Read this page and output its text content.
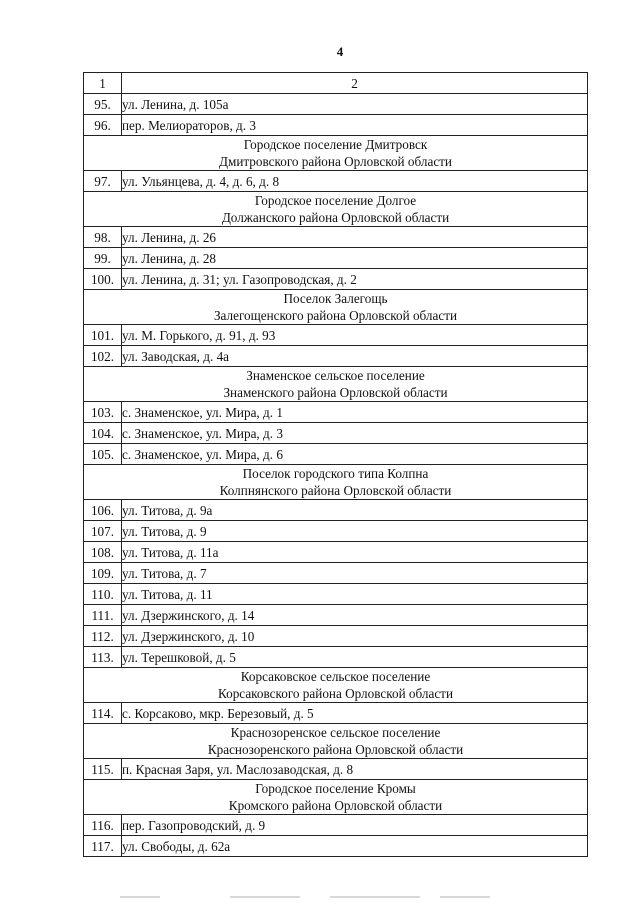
4
1	2
95.	ул. Ленина, д. 105а
96.	пер. Мелиораторов, д. 3

Городское поселение Дмитровск
Дмитровского района Орловской области	

97.	ул. Ульянцева, д. 4, д. 6, д. 8

Городское поселение Долгое
Должанского района Орловской области	

98.	ул. Ленина, д. 26
99.	ул. Ленина, д. 28
100.	ул. Ленина, д. 31; ул. Газопроводская, д. 2

Поселок Залегощь
Залегощенского района Орловской области	

101.	ул. М. Горького, д. 91, д. 93
102.	ул. Заводская, д. 4а

Знаменское сельское поселение
Знаменского района Орловской области	

103.	с. Знаменское, ул. Мира, д. 1
104.	с. Знаменское, ул. Мира, д. 3
105.	с. Знаменское, ул. Мира, д. 6

Поселок городского типа Колпна
Колпнянского района Орловской области	

106.	ул. Титова, д. 9а
107.	ул. Титова, д. 9
108.	ул. Титова, д. 11а
109.	ул. Титова, д. 7
110.	ул. Титова, д. 11
111.	ул. Дзержинского, д. 14
112.	ул. Дзержинского, д. 10
113.	ул. Терешковой, д. 5

Корсаковское сельское поселение
Корсаковского района Орловской области	

114.	с. Корсаково, мкр. Березовый, д. 5

Краснозоренское сельское поселение
Краснозоренского района Орловской области	

115.	п. Красная Заря, ул. Маслозаводская, д. 8

Городское поселение Кромы
Кромского района Орловской области	

116.	пер. Газопроводский, д. 9
117.	ул. Свободы, д. 62а
